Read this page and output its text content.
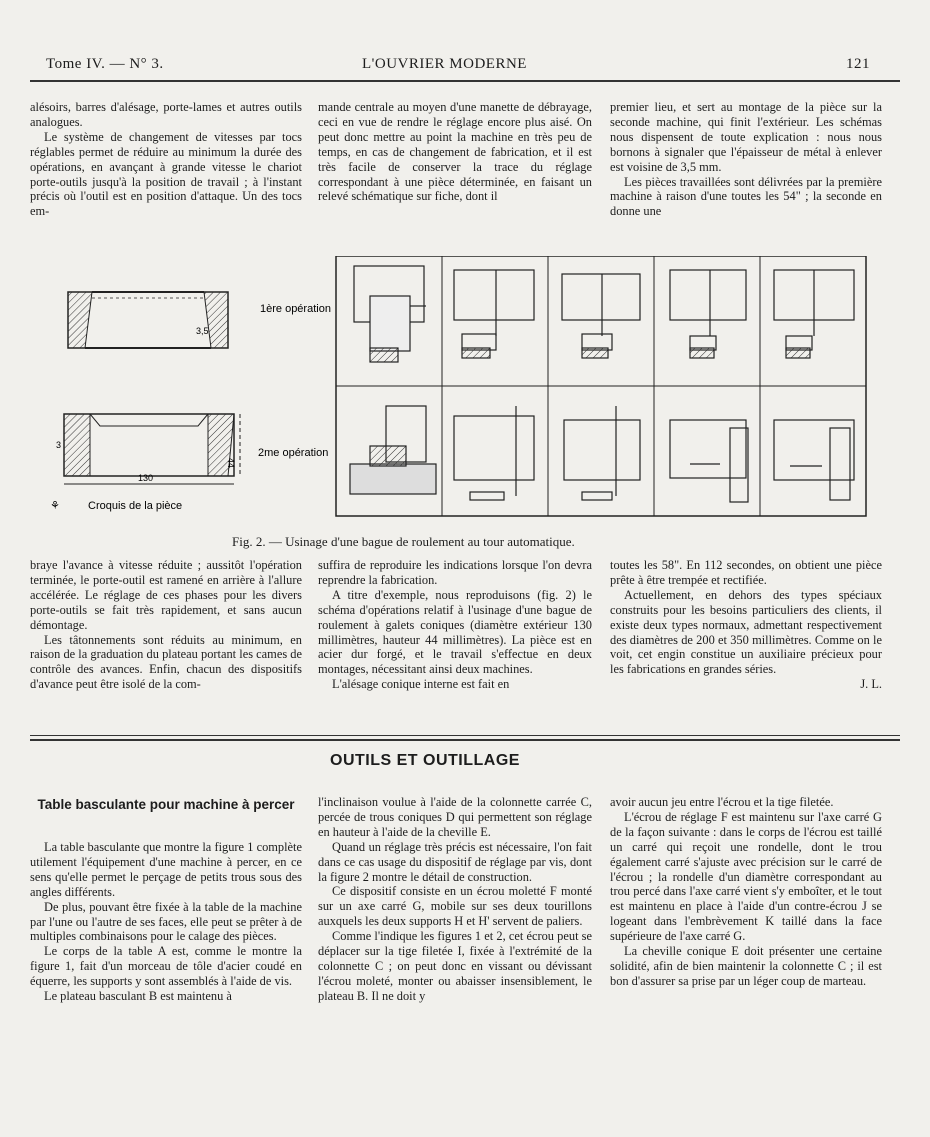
Tome IV. — N° 3.	L'OUVRIER MODERNE	121

alésoirs, barres d'alésage, porte-lames et autres outils analogues.

Le système de changement de vitesses par tocs réglables permet de réduire au minimum la durée des opérations, en avançant à grande vitesse le chariot porte-outils jusqu'à la position de travail ; à l'instant précis où l'outil est en position d'attaque. Un des tocs em-

mande centrale au moyen d'une manette de débrayage, ceci en vue de rendre le réglage encore plus aisé. On peut donc mettre au point la machine en très peu de temps, en cas de changement de fabrication, et il est très facile de conserver la trace du réglage correspondant à une pièce déterminée, en faisant un relevé schématique sur fiche, dont il

premier lieu, et sert au montage de la pièce sur la seconde machine, qui finit l'extérieur. Les schémas nous dispensent de toute explication : nous nous bornons à signaler que l'épaisseur de métal à enlever est voisine de 3,5 mm.

Les pièces travaillées sont délivrées par la première machine à raison d'une toutes les 54" ; la seconde en donne une

3,5
1ère opération
3
44
130
2me opération
⚘	Croquis de la pièce
Fig. 2. — Usinage d'une bague de roulement au tour automatique.

braye l'avance à vitesse réduite ; aussitôt l'opération terminée, le porte-outil est ramené en arrière à l'allure accélérée. Le réglage de ces phases pour les divers porte-outils se fait très rapidement, et sans aucun démontage.

Les tâtonnements sont réduits au minimum, en raison de la graduation du plateau portant les cames de contrôle des avances. Enfin, chacun des dispositifs d'avance peut être isolé de la com-

suffira de reproduire les indications lorsque l'on devra reprendre la fabrication.

A titre d'exemple, nous reproduisons (fig. 2) le schéma d'opérations relatif à l'usinage d'une bague de roulement à galets coniques (diamètre extérieur 130 millimètres, hauteur 44 millimètres). La pièce est en acier dur forgé, et le travail s'effectue en deux montages, nécessitant ainsi deux machines.

L'alésage conique interne est fait en

toutes les 58". En 112 secondes, on obtient une pièce prête à être trempée et rectifiée.

Actuellement, en dehors des types spéciaux construits pour les besoins particuliers des clients, il existe deux types normaux, admettant respectivement des diamètres de 200 et 350 millimètres. Comme on le voit, cet engin constitue un auxiliaire précieux pour les fabrications en grandes séries.

J. L.

OUTILS ET OUTILLAGE
Table basculante pour machine à percer

La table basculante que montre la figure 1 complète utilement l'équipement d'une machine à percer, en ce sens qu'elle permet le perçage de petits trous sous des angles différents.

De plus, pouvant être fixée à la table de la machine par l'une ou l'autre de ses faces, elle peut se prêter à de multiples combinaisons pour le calage des pièces.

Le corps de la table A est, comme le montre la figure 1, fait d'un morceau de tôle d'acier coudé en équerre, les supports y sont assemblés à l'aide de vis.

Le plateau basculant B est maintenu à

l'inclinaison voulue à l'aide de la colonnette carrée C, percée de trous coniques D qui permettent son réglage en hauteur à l'aide de la cheville E.

Quand un réglage très précis est nécessaire, l'on fait dans ce cas usage du dispositif de réglage par vis, dont la figure 2 montre le détail de construction.

Ce dispositif consiste en un écrou moletté F monté sur un axe carré G, mobile sur ses deux tourillons auxquels les deux supports H et H' servent de paliers.

Comme l'indique les figures 1 et 2, cet écrou peut se déplacer sur la tige filetée I, fixée à l'extrémité de la colonnette C ; on peut donc en vissant ou dévissant l'écrou moleté, monter ou abaisser insensiblement, le plateau B. Il ne doit y

avoir aucun jeu entre l'écrou et la tige filetée.

L'écrou de réglage F est maintenu sur l'axe carré G de la façon suivante : dans le corps de l'écrou est taillé un carré qui reçoit une rondelle, dont le trou également carré s'ajuste avec précision sur le carré de l'écrou ; la rondelle d'un diamètre correspondant au trou percé dans l'axe carré vient s'y emboîter, et le tout est maintenu en place à l'aide d'un contre-écrou J se logeant dans l'embrèvement K taillé dans la face supérieure de l'axe carré G.

La cheville conique E doit présenter une certaine solidité, afin de bien maintenir la colonnette C ; il est bon d'assurer sa prise par un léger coup de marteau.
